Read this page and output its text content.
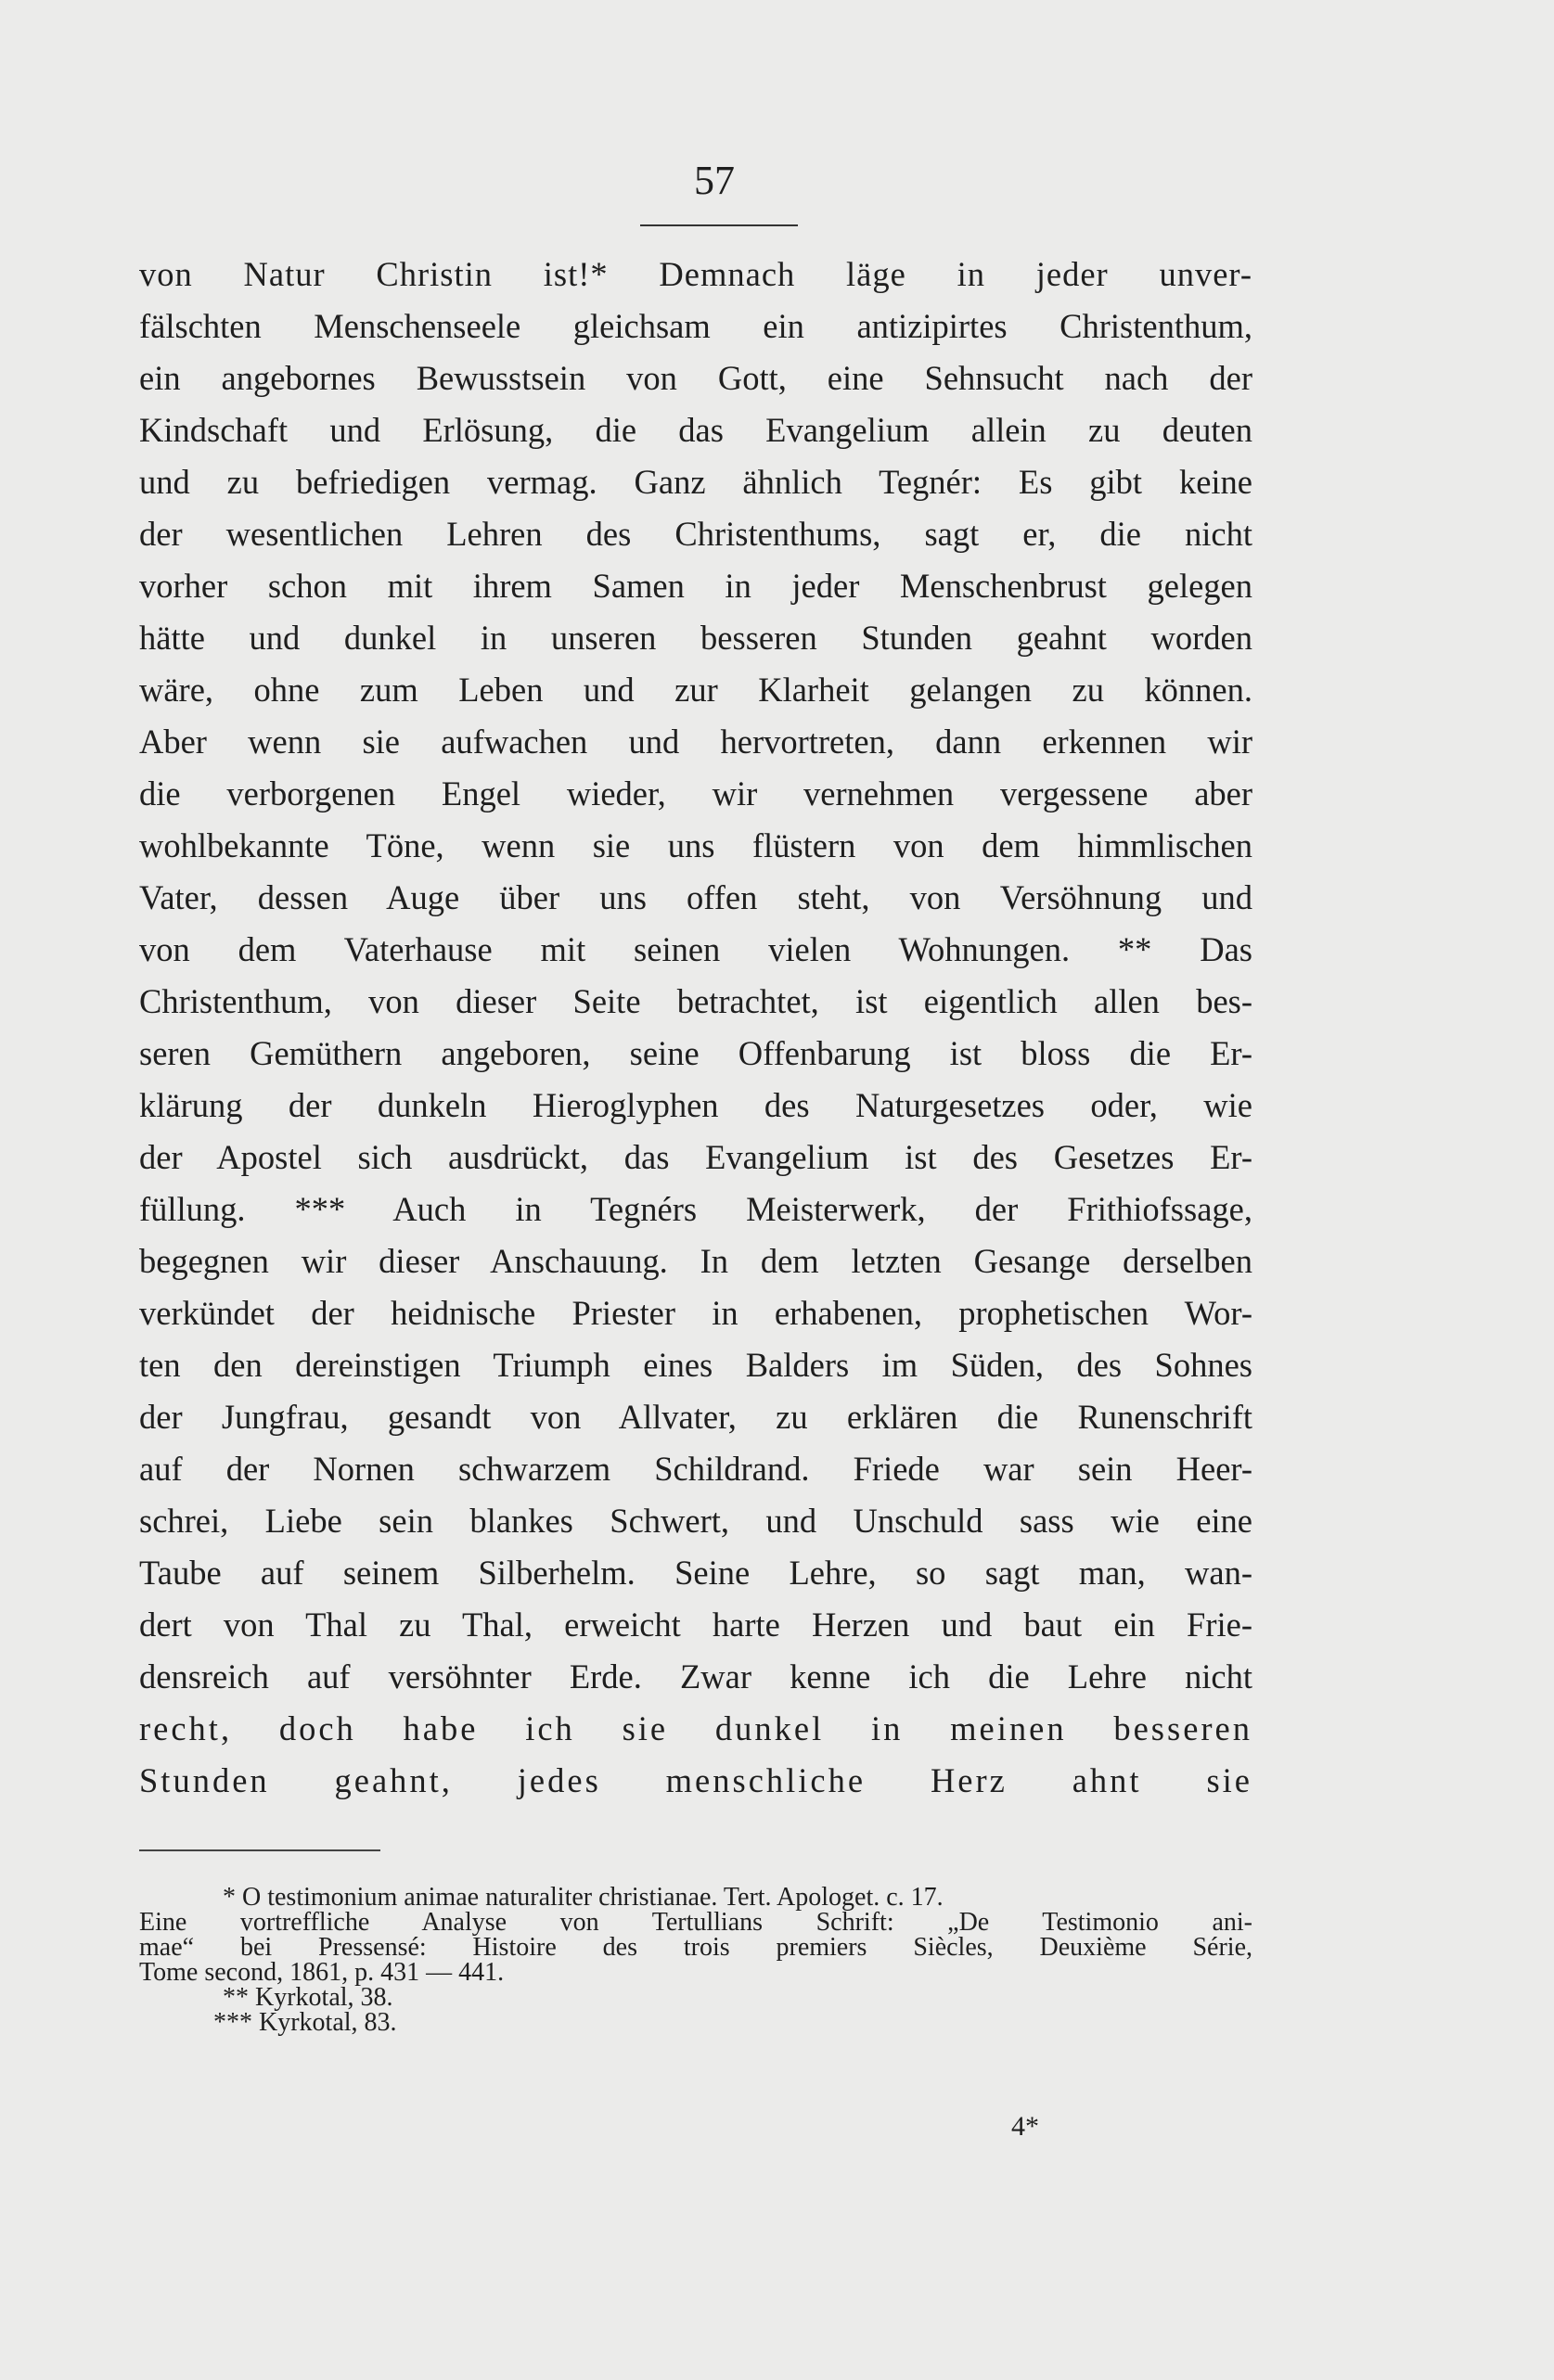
57
von Natur Christin ist!* Demnach läge in jeder unver-
fälschten Menschenseele gleichsam ein antizipirtes Christenthum,
ein angebornes Bewusstsein von Gott, eine Sehnsucht nach der
Kindschaft und Erlösung, die das Evangelium allein zu deuten
und zu befriedigen vermag. Ganz ähnlich Tegnér: Es gibt keine
der wesentlichen Lehren des Christenthums, sagt er, die nicht
vorher schon mit ihrem Samen in jeder Menschenbrust gelegen
hätte und dunkel in unseren besseren Stunden geahnt worden
wäre, ohne zum Leben und zur Klarheit gelangen zu können.
Aber wenn sie aufwachen und hervortreten, dann erkennen wir
die verborgenen Engel wieder, wir vernehmen vergessene aber
wohlbekannte Töne, wenn sie uns flüstern von dem himmlischen
Vater, dessen Auge über uns offen steht, von Versöhnung und
von dem Vaterhause mit seinen vielen Wohnungen. ** Das
Christenthum, von dieser Seite betrachtet, ist eigentlich allen bes-
seren Gemüthern angeboren, seine Offenbarung ist bloss die Er-
klärung der dunkeln Hieroglyphen des Naturgesetzes oder, wie
der Apostel sich ausdrückt, das Evangelium ist des Gesetzes Er-
füllung. *** Auch in Tegnérs Meisterwerk, der Frithiofssage,
begegnen wir dieser Anschauung. In dem letzten Gesange derselben
verkündet der heidnische Priester in erhabenen, prophetischen Wor-
ten den dereinstigen Triumph eines Balders im Süden, des Sohnes
der Jungfrau, gesandt von Allvater, zu erklären die Runenschrift
auf der Nornen schwarzem Schildrand. Friede war sein Heer-
schrei, Liebe sein blankes Schwert, und Unschuld sass wie eine
Taube auf seinem Silberhelm. Seine Lehre, so sagt man, wan-
dert von Thal zu Thal, erweicht harte Herzen und baut ein Frie-
densreich auf versöhnter Erde. Zwar kenne ich die Lehre nicht
recht, doch habe ich sie dunkel in meinen besseren
Stunden geahnt, jedes menschliche Herz ahnt sie
* O testimonium animae naturaliter christianae. Tert. Apologet. c. 17.
Eine vortreffliche Analyse von Tertullians Schrift: „De Testimonio ani-
mae“ bei Pressensé: Histoire des trois premiers Siècles, Deuxième Série,
Tome second, 1861, p. 431 — 441.
** Kyrkotal, 38.
*** Kyrkotal, 83.
4*
